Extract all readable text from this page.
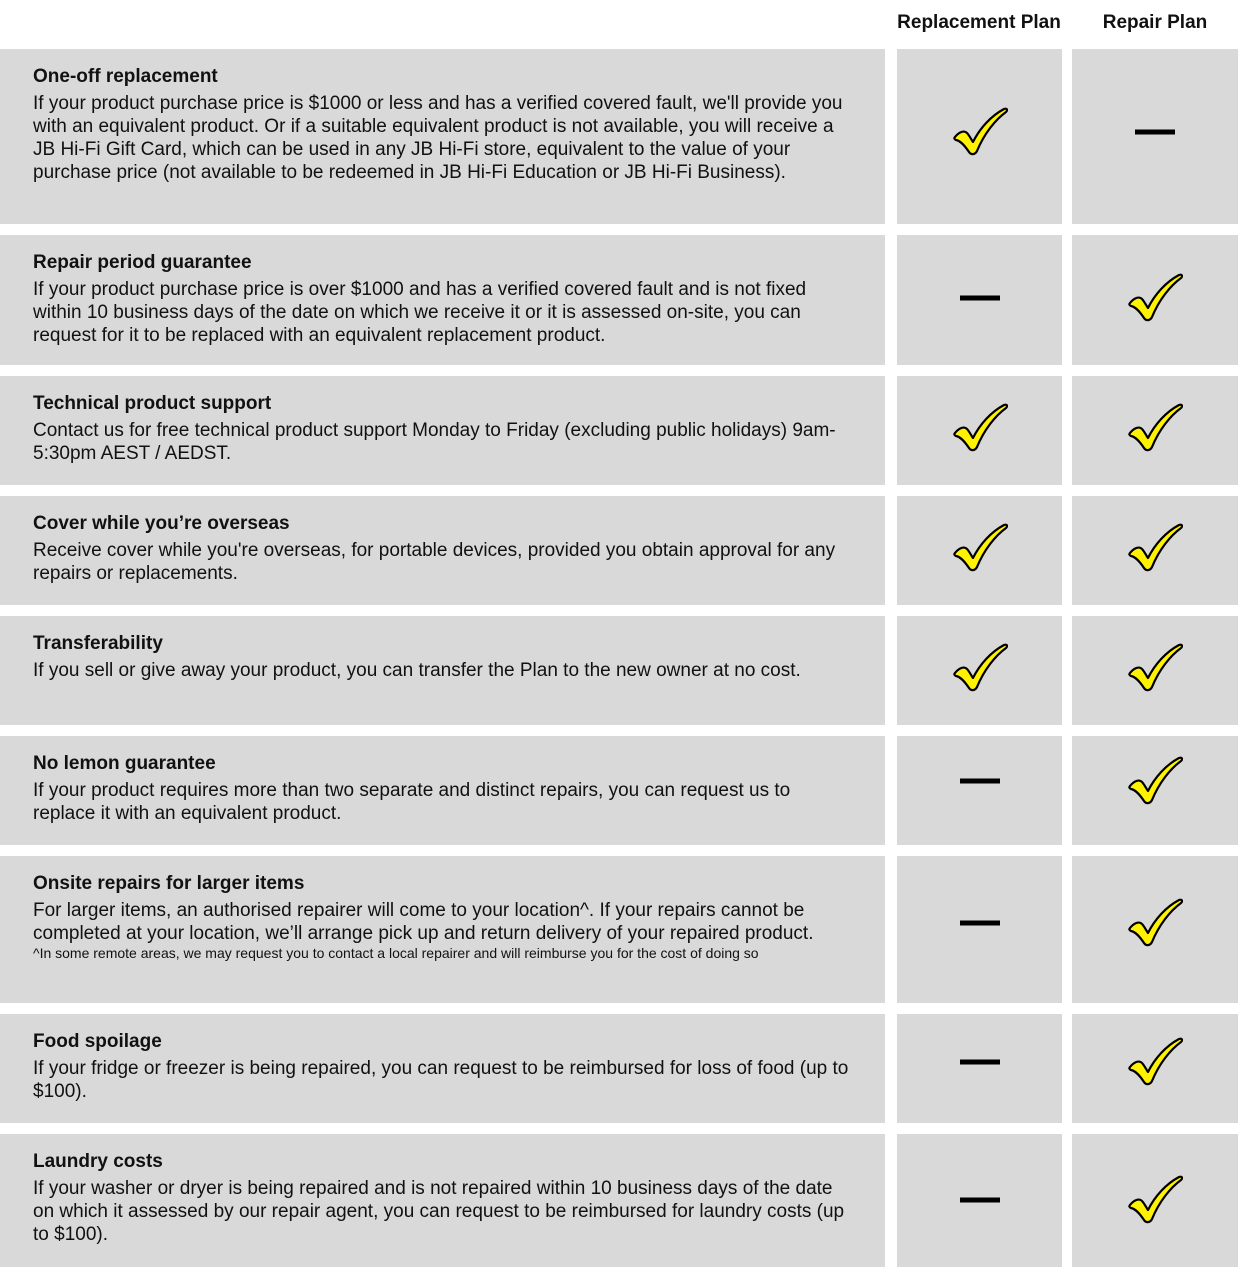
Replacement Plan	Repair Plan
One-off replacement

If your product purchase price is $1000 or less and has a verified covered fault, we'll provide you with an equivalent product. Or if a suitable equivalent product is not available, you will receive a JB Hi-Fi Gift Card, which can be used in any JB Hi-Fi store, equivalent to the value of your purchase price (not available to be redeemed in JB Hi-Fi Education or JB Hi-Fi Business).

Repair period guarantee

If your product purchase price is over $1000 and has a verified covered fault and is not fixed within 10 business days of the date on which we receive it or it is assessed on-site, you can request for it to be replaced with an equivalent replacement product.

Technical product support

Contact us for free technical product support Monday to Friday (excluding public holidays) 9am-5:30pm AEST / AEDST.

Cover while you’re overseas

Receive cover while you're overseas, for portable devices, provided you obtain approval for any repairs or replacements.

Transferability

If you sell or give away your product, you can transfer the Plan to the new owner at no cost.

No lemon guarantee

If your product requires more than two separate and distinct repairs, you can request us to replace it with an equivalent product.

Onsite repairs for larger items

For larger items, an authorised repairer will come to your location^. If your repairs cannot be completed at your location, we’ll arrange pick up and return delivery of your repaired product.

^In some remote areas, we may request you to contact a local repairer and will reimburse you for the cost of doing so

Food spoilage

If your fridge or freezer is being repaired, you can request to be reimbursed for loss of food (up to $100).

Laundry costs

If your washer or dryer is being repaired and is not repaired within 10 business days of the date on which it assessed by our repair agent, you can request to be reimbursed for laundry costs (up to $100).
